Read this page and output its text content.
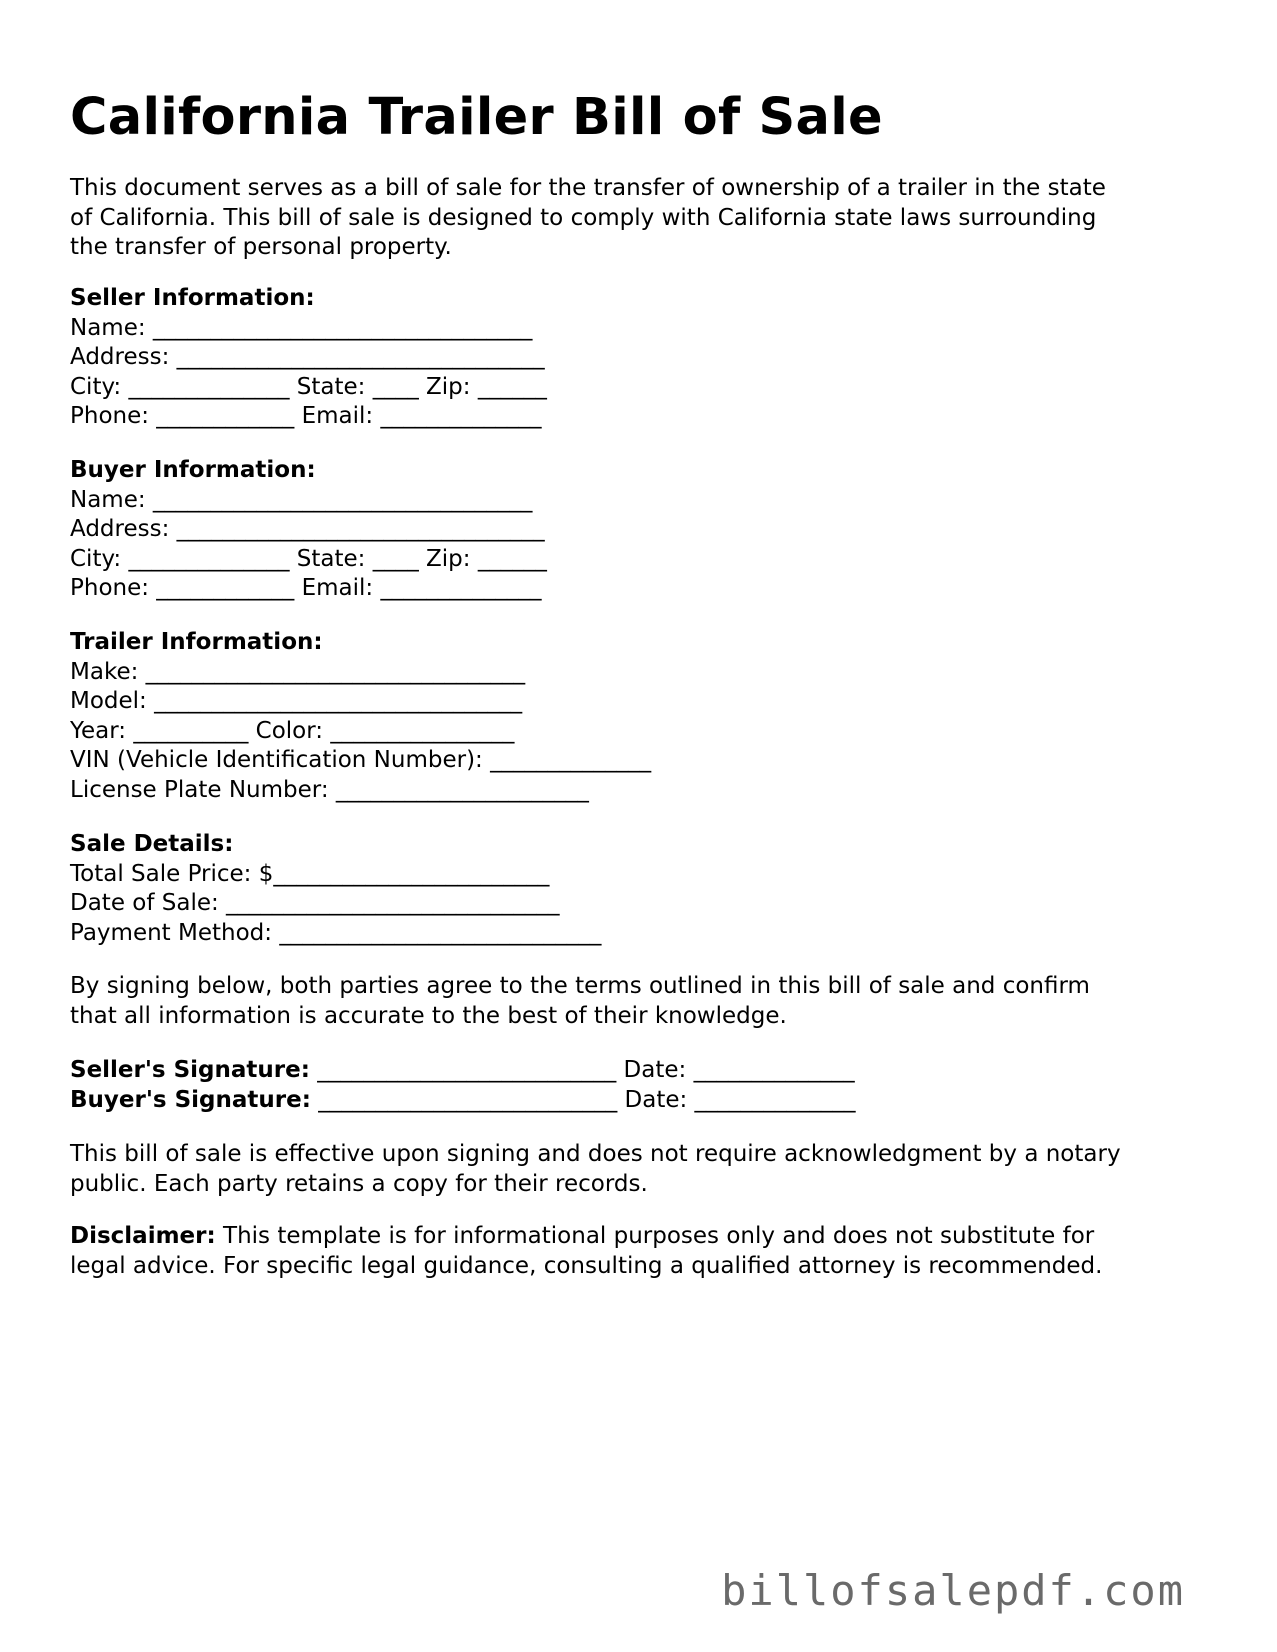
California Trailer Bill of Sale
This document serves as a bill of sale for the transfer of ownership of a trailer in the state
of California. This bill of sale is designed to comply with California state laws surrounding
the transfer of personal property.
Seller Information:
Name: _________________________________
Address: ________________________________
City: ______________ State: ____ Zip: ______
Phone: ____________ Email: ______________
Buyer Information:
Name: _________________________________
Address: ________________________________
City: ______________ State: ____ Zip: ______
Phone: ____________ Email: ______________
Trailer Information:
Make: _________________________________
Model: ________________________________
Year: __________ Color: ________________
VIN (Vehicle Identification Number): ______________
License Plate Number: ______________________
Sale Details:
Total Sale Price: $________________________
Date of Sale: _____________________________
Payment Method: ____________________________
By signing below, both parties agree to the terms outlined in this bill of sale and confirm
that all information is accurate to the best of their knowledge.
Seller's Signature: __________________________ Date: ______________
Buyer's Signature: __________________________ Date: ______________
This bill of sale is effective upon signing and does not require acknowledgment by a notary
public. Each party retains a copy for their records.
Disclaimer: This template is for informational purposes only and does not substitute for
legal advice. For specific legal guidance, consulting a qualified attorney is recommended.
billofsalepdf.com
